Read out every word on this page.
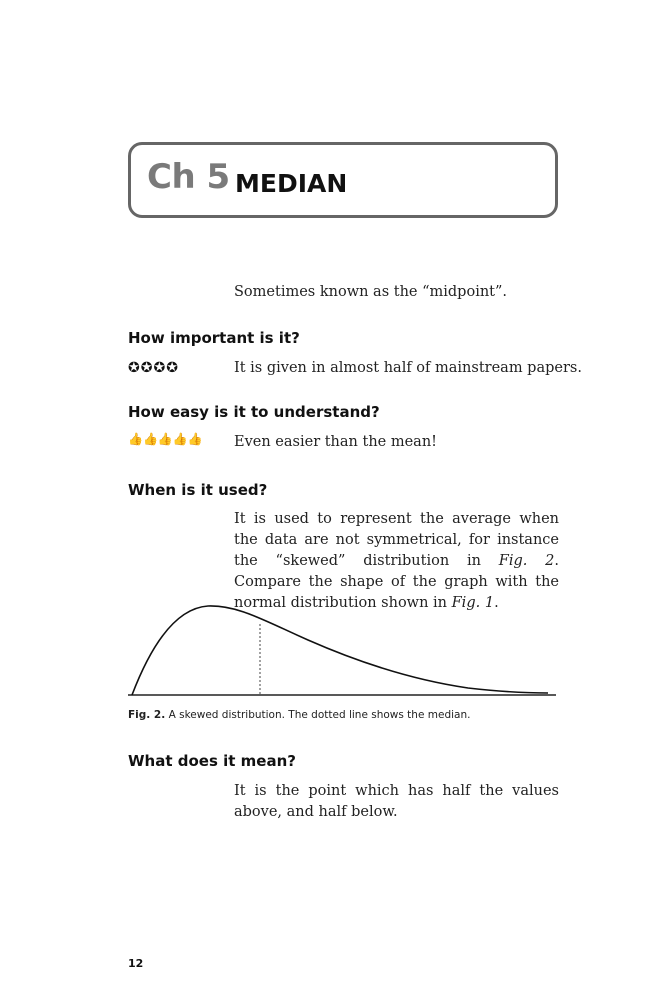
Ch 5 MEDIAN
Sometimes known as the “midpoint”.
How important is it?
✪✪✪✪	It is given in almost half of mainstream papers.
How easy is it to understand?
👍👍👍👍👍 Even easier than the mean!
When is it used?
It is used to represent the average when the data are not symmetrical, for instance the “skewed” distribution in Fig. 2. Compare the shape of the graph with the normal distribution shown in Fig. 1.
Fig. 2. A skewed distribution. The dotted line shows the median.
What does it mean?
It is the point which has half the values above, and half below.
12
